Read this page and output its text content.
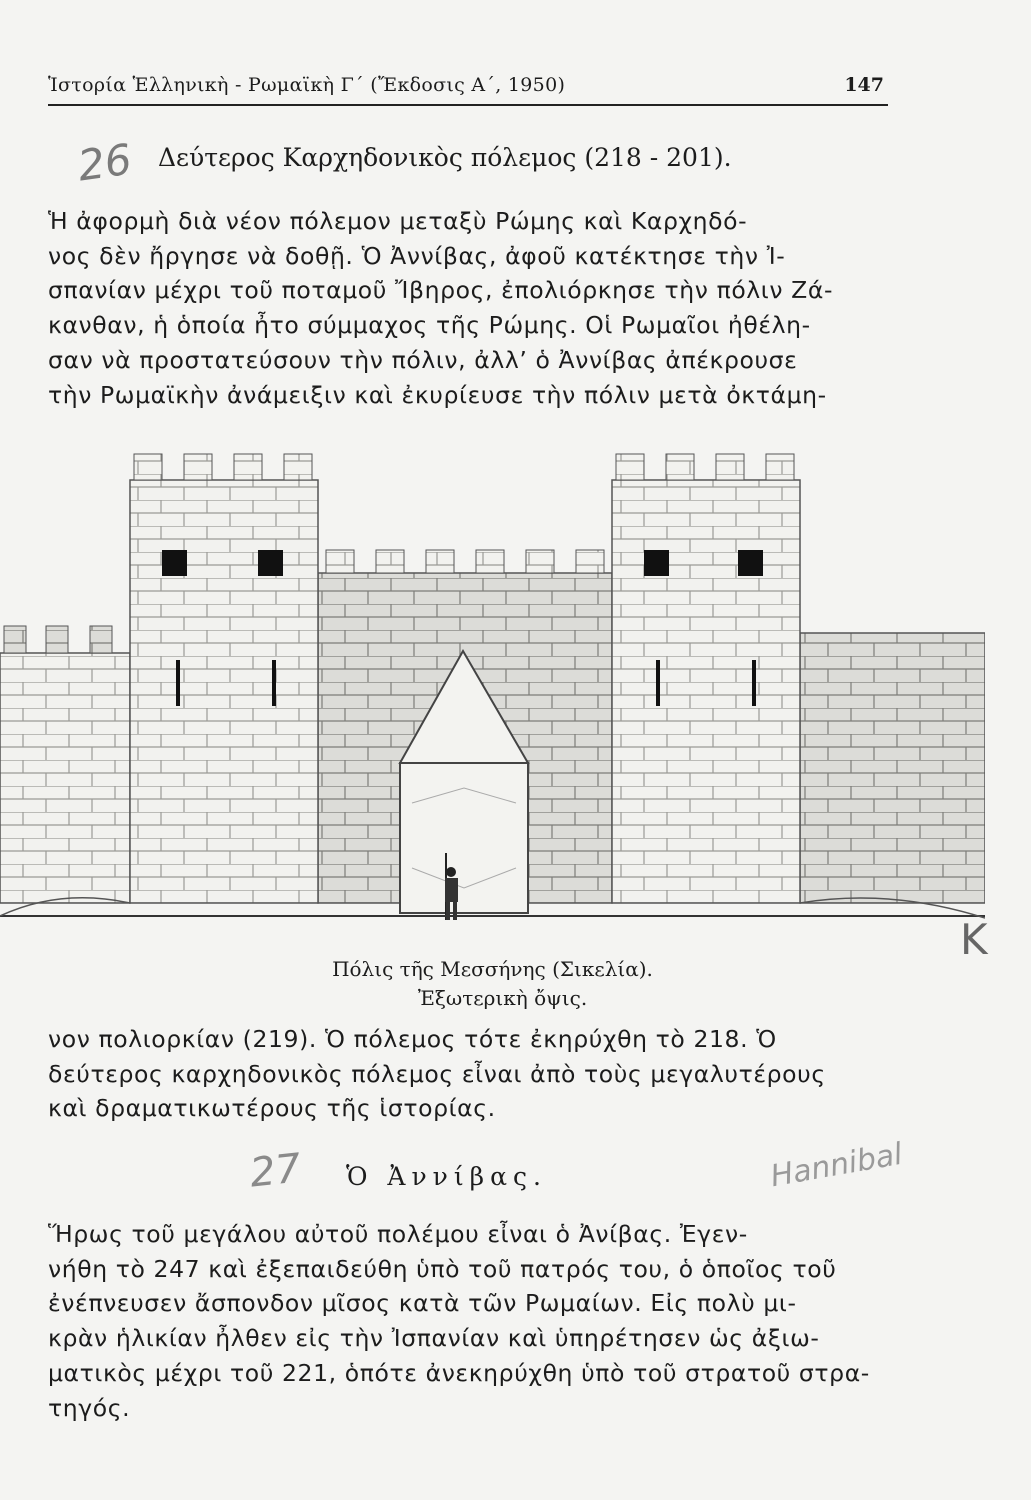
Ἱστορία Ἑλληνικὴ - Ρωμαϊκὴ Γ΄ (Ἔκδοσις Α΄, 1950)	147
26 Δεύτερος Καρχηδονικὸς πόλεμος (218 - 201).

Ἡ ἀφορμὴ διὰ νέον πόλεμον μεταξὺ Ρώμης καὶ Καρχηδό-
νος δὲν ἤργησε νὰ δοθῇ. Ὁ Ἀννίβας, ἀφοῦ κατέκτησε τὴν Ἰ-
σπανίαν μέχρι τοῦ ποταμοῦ Ἴβηρος, ἐπολιόρκησε τὴν πόλιν Ζά-
κανθαν, ἡ ὁποία ἦτο σύμμαχος τῆς Ρώμης. Οἱ Ρωμαῖοι ἠθέλη-
σαν νὰ προστατεύσουν τὴν πόλιν, ἀλλ’ ὁ Ἀννίβας ἀπέκρουσε
τὴν Ρωμαϊκὴν ἀνάμειξιν καὶ ἐκυρίευσε τὴν πόλιν μετὰ ὀκτάμη-

Πόλις τῆς Μεσσήνης (Σικελία).
Ἐξωτερικὴ ὄψις.
K

νον πολιορκίαν (219). Ὁ πόλεμος τότε ἐκηρύχθη τὸ 218. Ὁ
δεύτερος καρχηδονικὸς πόλεμος εἶναι ἀπὸ τοὺς μεγαλυτέρους
καὶ δραματικωτέρους τῆς ἱστορίας.

27	Hannibal
Ὁ Ἀννίβας.

Ἥρως τοῦ μεγάλου αὐτοῦ πολέμου εἶναι ὁ Ἀνίβας. Ἐγεν-
νήθη τὸ 247 καὶ ἐξεπαιδεύθη ὑπὸ τοῦ πατρός του, ὁ ὁποῖος τοῦ
ἐνέπνευσεν ἄσπονδον μῖσος κατὰ τῶν Ρωμαίων. Εἰς πολὺ μι-
κρὰν ἡλικίαν ἦλθεν εἰς τὴν Ἰσπανίαν καὶ ὑπηρέτησεν ὡς ἀξιω-
ματικὸς μέχρι τοῦ 221, ὁπότε ἀνεκηρύχθη ὑπὸ τοῦ στρατοῦ στρα-
τηγός.
